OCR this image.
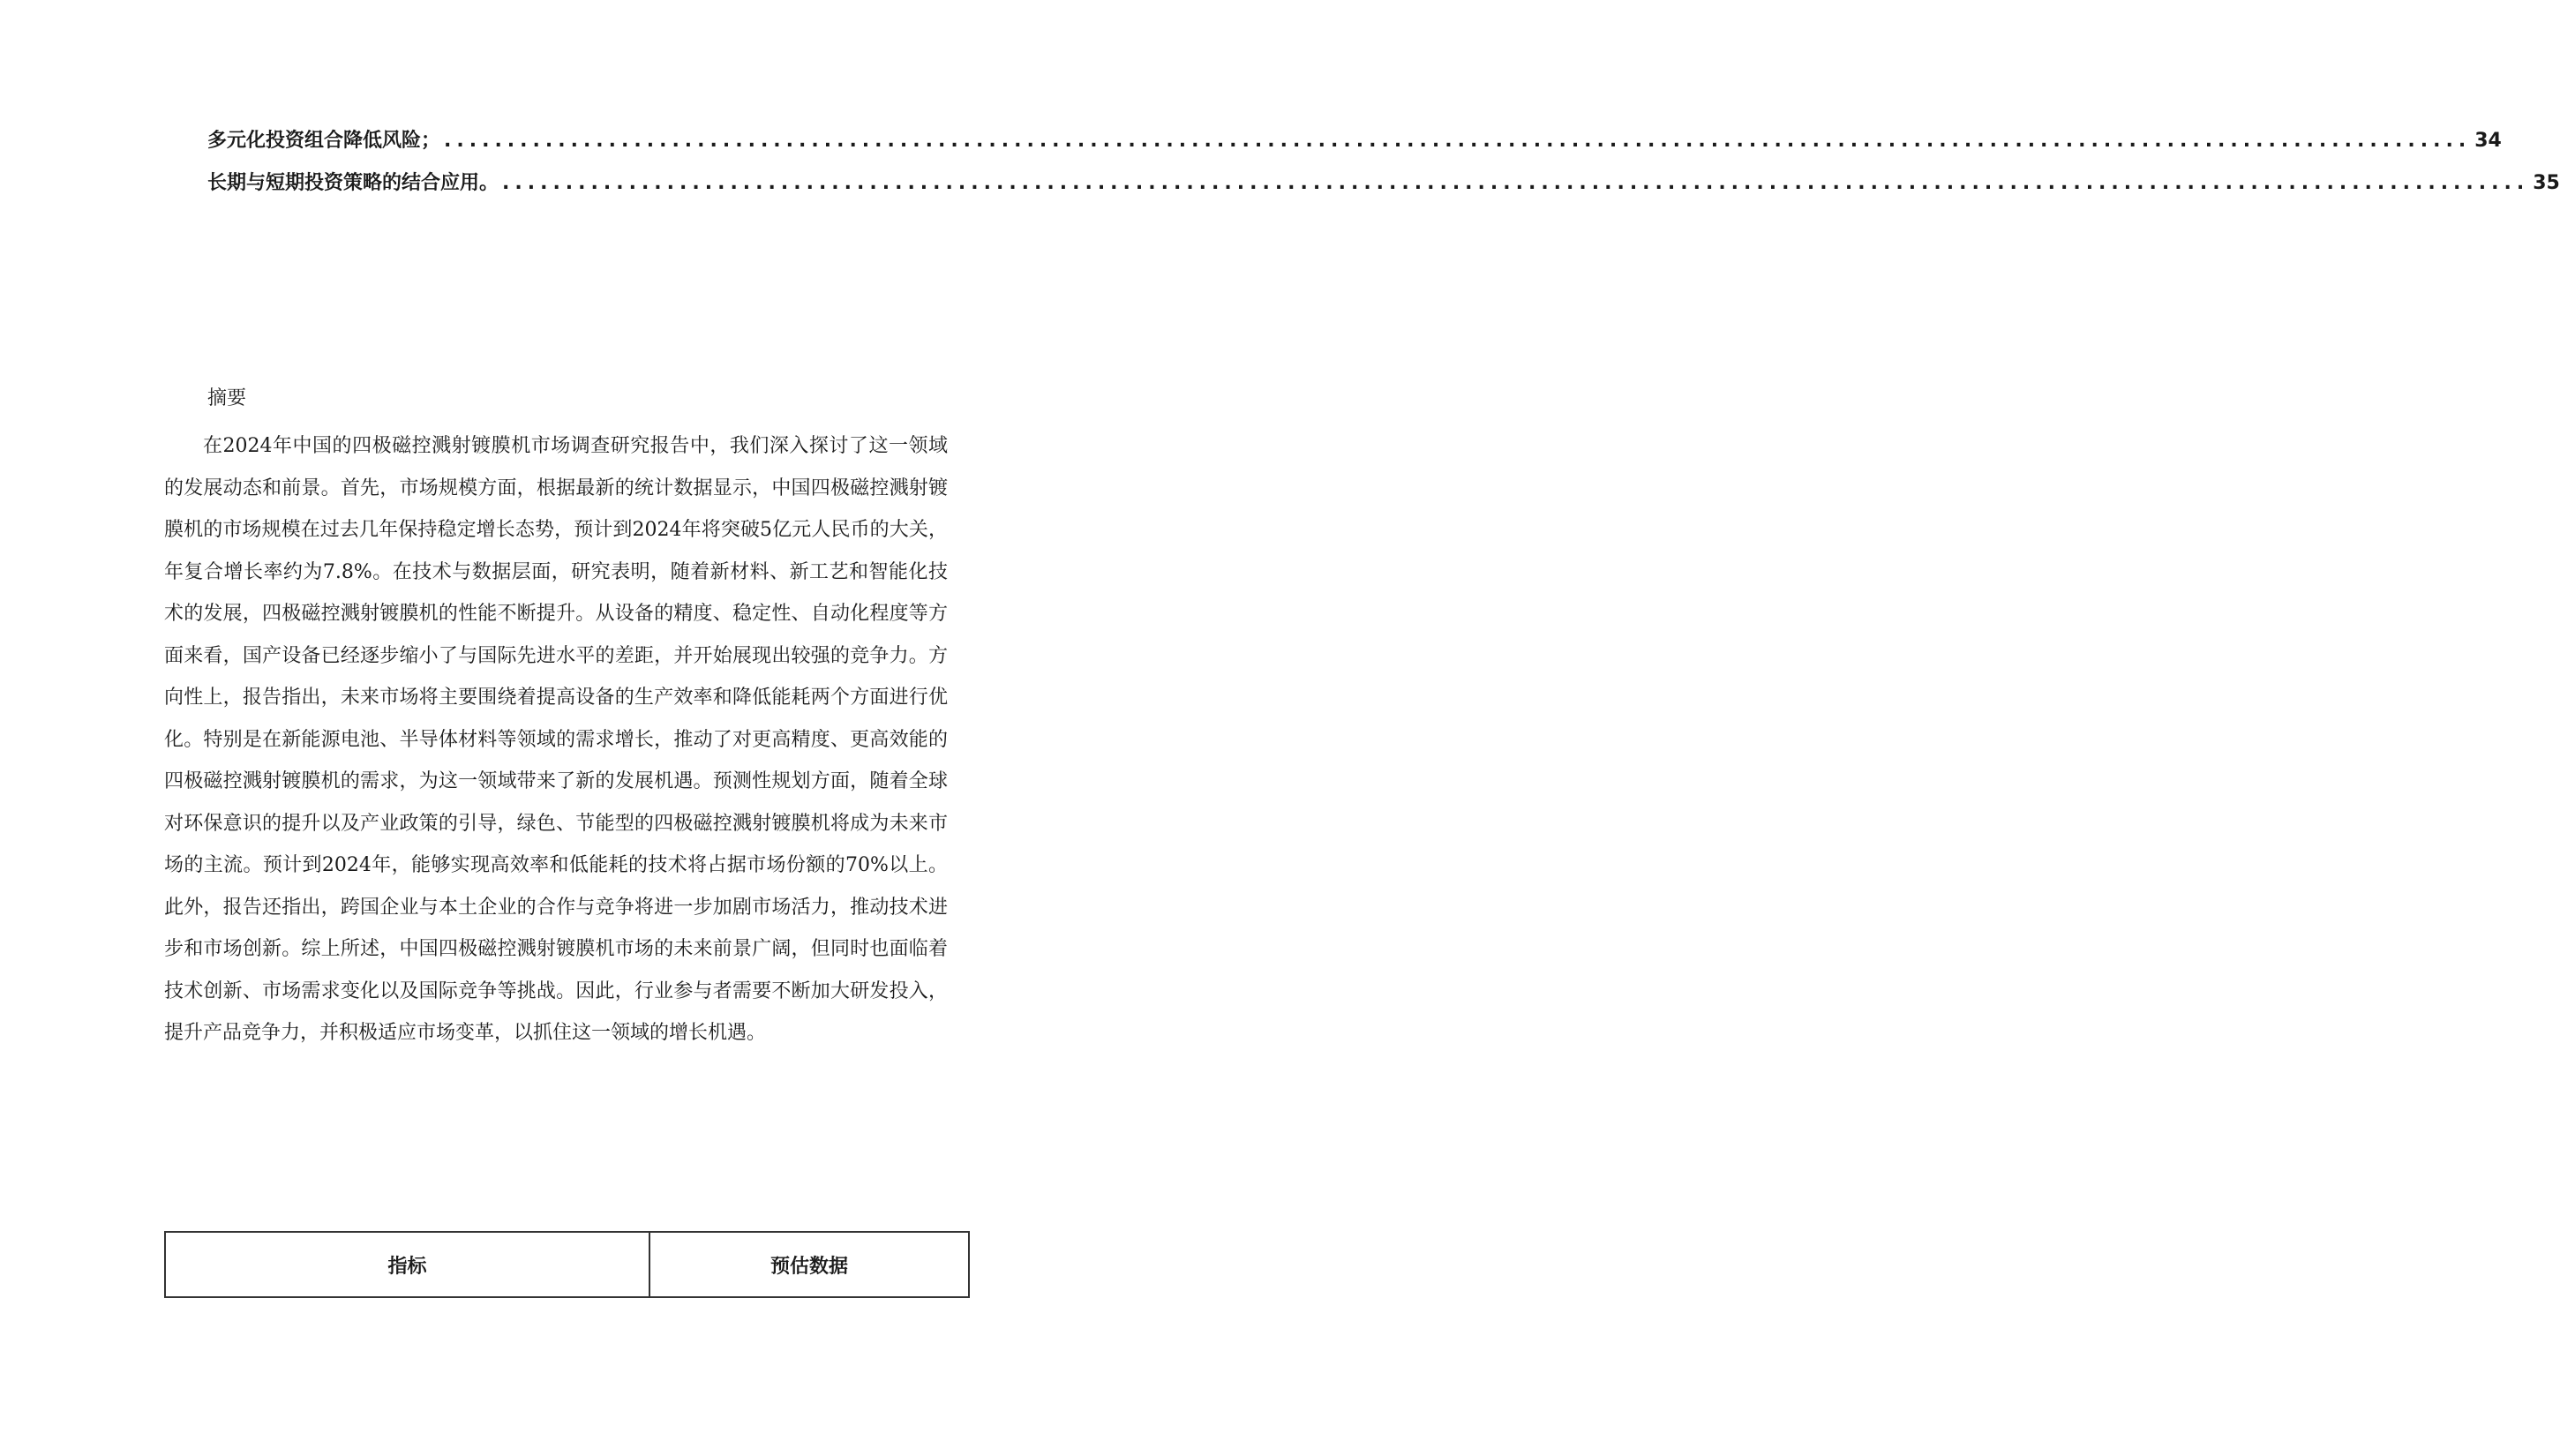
多元化投资组合降低风险； ................................................................................................................................................................ 34
长期与短期投资策略的结合应用。 ................................................................................................................................................................ 35
摘要

在2024年中国的四极磁控溅射镀膜机市场调查研究报告中，我们深入探讨了这一领域的发展动态和前景。首先，市场规模方面，根据最新的统计数据显示，中国四极磁控溅射镀膜机的市场规模在过去几年保持稳定增长态势，预计到2024年将突破5亿元人民币的大关，年复合增长率约为7.8%。在技术与数据层面，研究表明，随着新材料、新工艺和智能化技术的发展，四极磁控溅射镀膜机的性能不断提升。从设备的精度、稳定性、自动化程度等方面来看，国产设备已经逐步缩小了与国际先进水平的差距，并开始展现出较强的竞争力。方向性上，报告指出，未来市场将主要围绕着提高设备的生产效率和降低能耗两个方面进行优化。特别是在新能源电池、半导体材料等领域的需求增长，推动了对更高精度、更高效能的四极磁控溅射镀膜机的需求，为这一领域带来了新的发展机遇。预测性规划方面，随着全球对环保意识的提升以及产业政策的引导，绿色、节能型的四极磁控溅射镀膜机将成为未来市场的主流。预计到2024年，能够实现高效率和低能耗的技术将占据市场份额的70%以上。此外，报告还指出，跨国企业与本土企业的合作与竞争将进一步加剧市场活力，推动技术进步和市场创新。综上所述，中国四极磁控溅射镀膜机市场的未来前景广阔，但同时也面临着技术创新、市场需求变化以及国际竞争等挑战。因此，行业参与者需要不断加大研发投入，提升产品竞争力，并积极适应市场变革，以抓住这一领域的增长机遇。

指标	预估数据
